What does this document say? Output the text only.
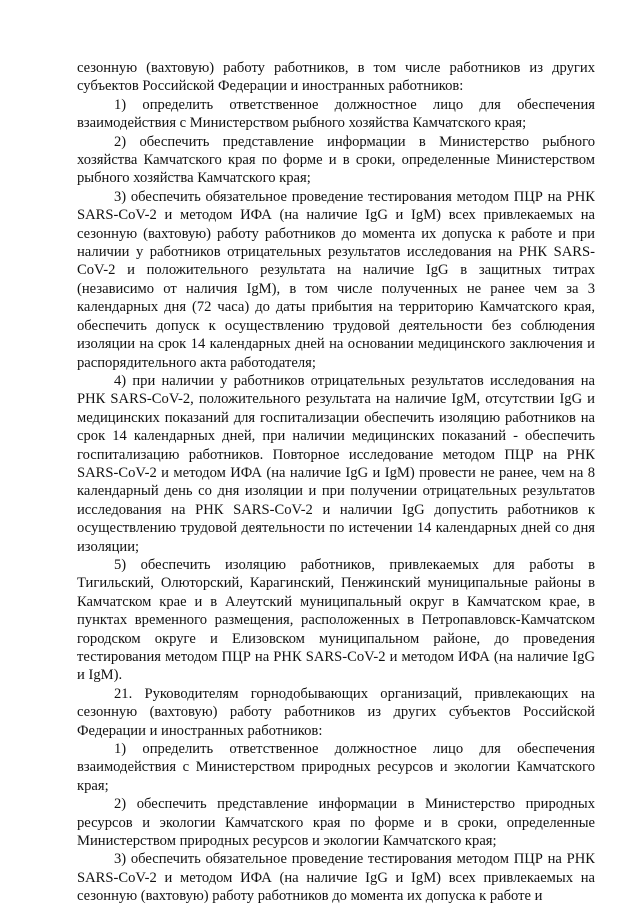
сезонную (вахтовую) работу работников, в том числе работников из других субъектов Российской Федерации и иностранных работников:

1) определить ответственное должностное лицо для обеспечения взаимодействия с Министерством рыбного хозяйства Камчатского края;

2) обеспечить представление информации в Министерство рыбного хозяйства Камчатского края по форме и в сроки, определенные Министерством рыбного хозяйства Камчатского края;

3) обеспечить обязательное проведение тестирования методом ПЦР на РНК SARS-CoV-2 и методом ИФА (на наличие IgG и IgM) всех привлекаемых на сезонную (вахтовую) работу работников до момента их допуска к работе и при наличии у работников отрицательных результатов исследования на РНК SARS-CoV-2 и положительного результата на наличие IgG в защитных титрах (независимо от наличия IgM), в том числе полученных не ранее чем за 3 календарных дня (72 часа) до даты прибытия на территорию Камчатского края, обеспечить допуск к осуществлению трудовой деятельности без соблюдения изоляции на срок 14 календарных дней на основании медицинского заключения и распорядительного акта работодателя;

4) при наличии у работников отрицательных результатов исследования на РНК SARS-CoV-2, положительного результата на наличие IgM, отсутствии IgG и медицинских показаний для госпитализации обеспечить изоляцию работников на срок 14 календарных дней, при наличии медицинских показаний - обеспечить госпитализацию работников. Повторное исследование методом ПЦР на РНК SARS-CoV-2 и методом ИФА (на наличие IgG и IgM) провести не ранее, чем на 8 календарный день со дня изоляции и при получении отрицательных результатов исследования на РНК SARS-CoV-2 и наличии IgG допустить работников к осуществлению трудовой деятельности по истечении 14 календарных дней со дня изоляции;

5) обеспечить изоляцию работников, привлекаемых для работы в Тигильский, Олюторский, Карагинский, Пенжинский муниципальные районы в Камчатском крае и в Алеутский муниципальный округ в Камчатском крае, в пунктах временного размещения, расположенных в Петропавловск-Камчатском городском округе и Елизовском муниципальном районе, до проведения тестирования методом ПЦР на РНК SARS-CoV-2 и методом ИФА (на наличие IgG и IgM).

21. Руководителям горнодобывающих организаций, привлекающих на сезонную (вахтовую) работу работников из других субъектов Российской Федерации и иностранных работников:

1) определить ответственное должностное лицо для обеспечения взаимодействия с Министерством природных ресурсов и экологии Камчатского края;

2) обеспечить представление информации в Министерство природных ресурсов и экологии Камчатского края по форме и в сроки, определенные Министерством природных ресурсов и экологии Камчатского края;

3) обеспечить обязательное проведение тестирования методом ПЦР на РНК SARS-CoV-2 и методом ИФА (на наличие IgG и IgM) всех привлекаемых на сезонную (вахтовую) работу работников до момента их допуска к работе и
